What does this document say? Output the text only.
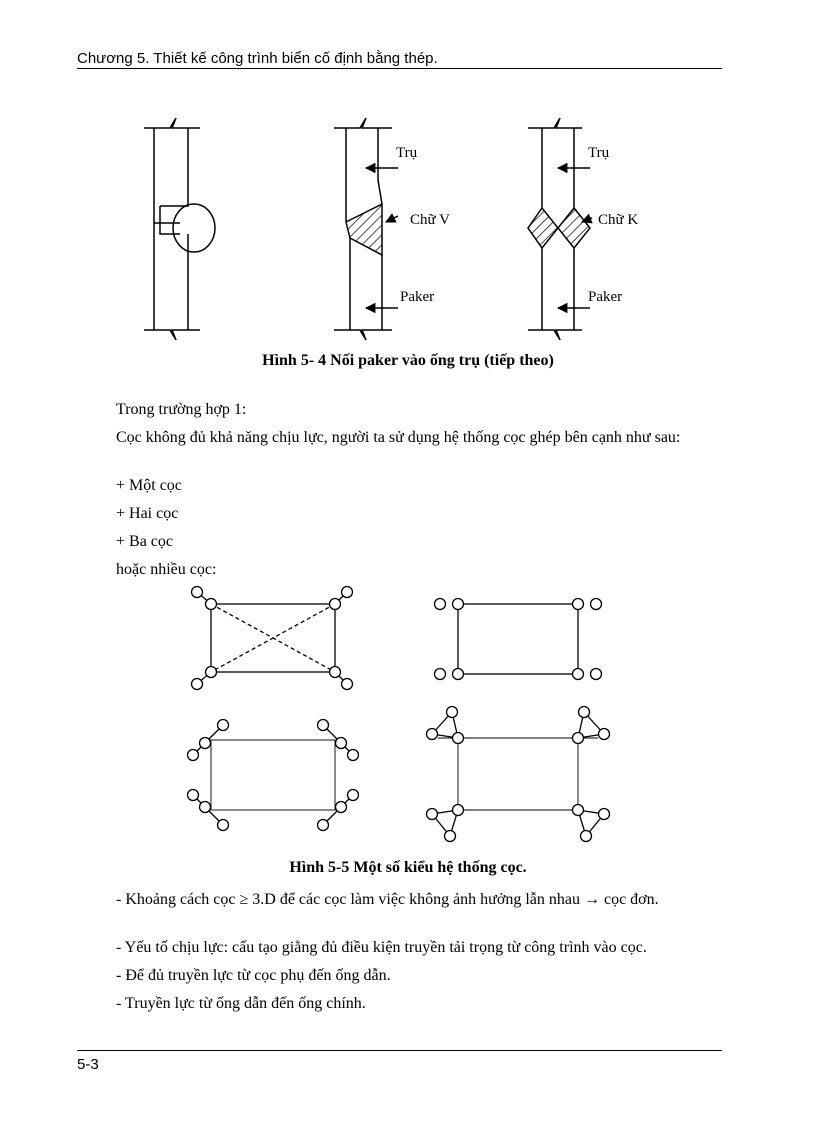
Chương 5. Thiết kế công trình biển cố định bằng thép.
Trụ
Chữ V
Paker
Trụ
Chữ K
Paker
Hình 5- 4 Nối paker vào ống trụ (tiếp theo)
Trong trường hợp 1:
Cọc không đủ khả năng chịu lực, người ta sử dụng hệ thống cọc ghép bên cạnh như sau:
+ Một cọc
+ Hai cọc
+ Ba cọc
hoặc nhiều cọc:
Hình 5-5 Một số kiểu hệ thống cọc.
- Khoảng cách cọc ≥ 3.D để các cọc làm việc không ảnh hưởng lẫn nhau → cọc đơn.
- Yếu tố chịu lực: cấu tạo giằng đủ điều kiện truyền tải trọng từ công trình vào cọc.
- Để đủ truyền lực từ cọc phụ đến ống dẫn.
- Truyền lực từ ống dẫn đến ống chính.
5-3
